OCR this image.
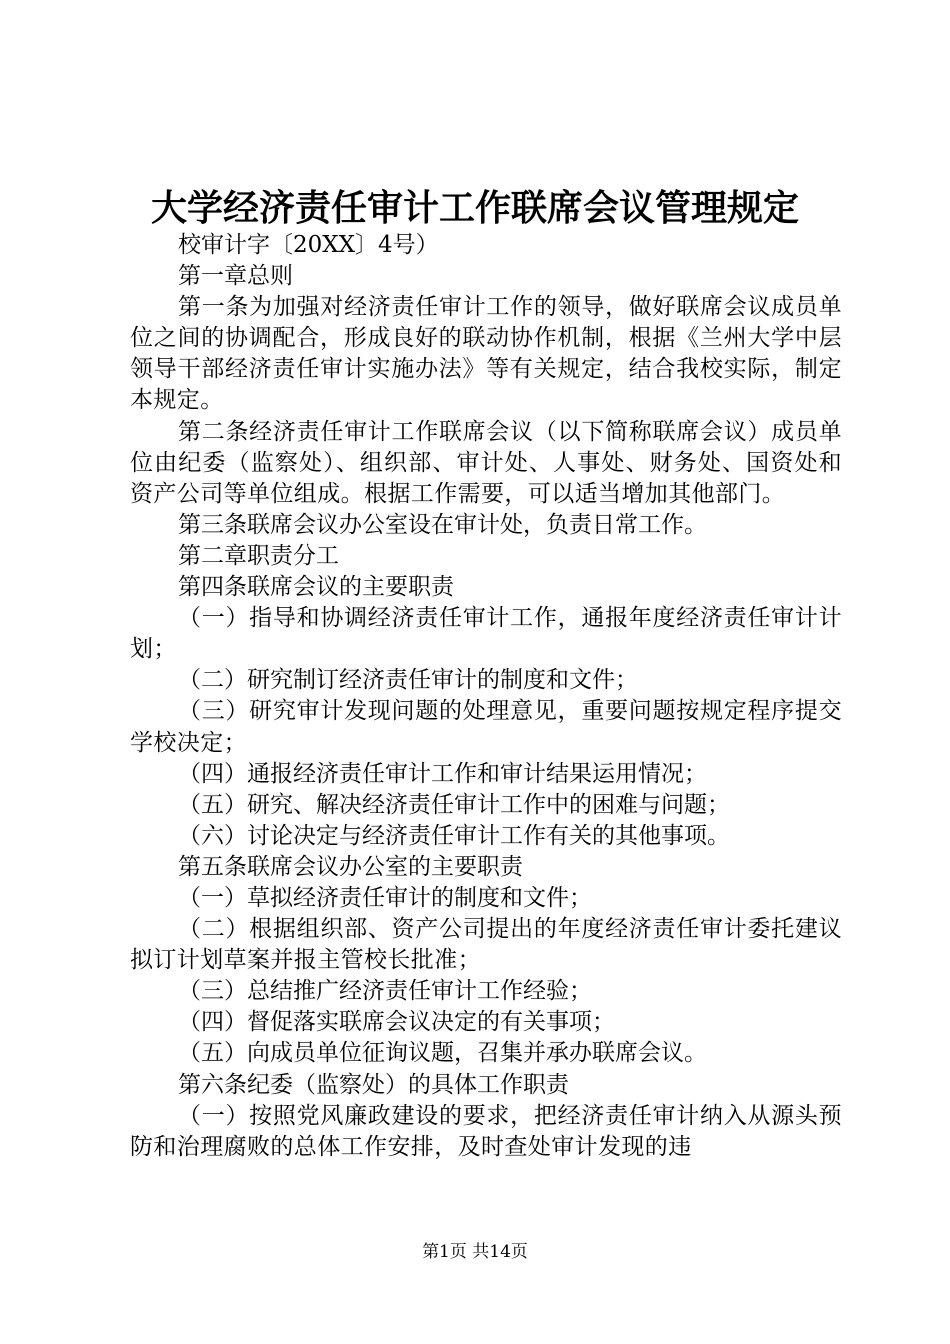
大学经济责任审计工作联席会议管理规定

校审计字〔20XX〕4号）

第一章总则

第一条为加强对经济责任审计工作的领导，做好联席会议成员单位之间的协调配合，形成良好的联动协作机制，根据《兰州大学中层领导干部经济责任审计实施办法》等有关规定，结合我校实际，制定本规定。

第二条经济责任审计工作联席会议（以下简称联席会议）成员单位由纪委（监察处）、组织部、审计处、人事处、财务处、国资处和资产公司等单位组成。根据工作需要，可以适当增加其他部门。

第三条联席会议办公室设在审计处，负责日常工作。

第二章职责分工

第四条联席会议的主要职责

（一）指导和协调经济责任审计工作，通报年度经济责任审计计划；

（二）研究制订经济责任审计的制度和文件；

（三）研究审计发现问题的处理意见，重要问题按规定程序提交学校决定；

（四）通报经济责任审计工作和审计结果运用情况；

（五）研究、解决经济责任审计工作中的困难与问题；

（六）讨论决定与经济责任审计工作有关的其他事项。

第五条联席会议办公室的主要职责

（一）草拟经济责任审计的制度和文件；

（二）根据组织部、资产公司提出的年度经济责任审计委托建议拟订计划草案并报主管校长批准；

（三）总结推广经济责任审计工作经验；

（四）督促落实联席会议决定的有关事项；

（五）向成员单位征询议题，召集并承办联席会议。

第六条纪委（监察处）的具体工作职责

（一）按照党风廉政建设的要求，把经济责任审计纳入从源头预防和治理腐败的总体工作安排，及时查处审计发现的违

第1页 共14页
